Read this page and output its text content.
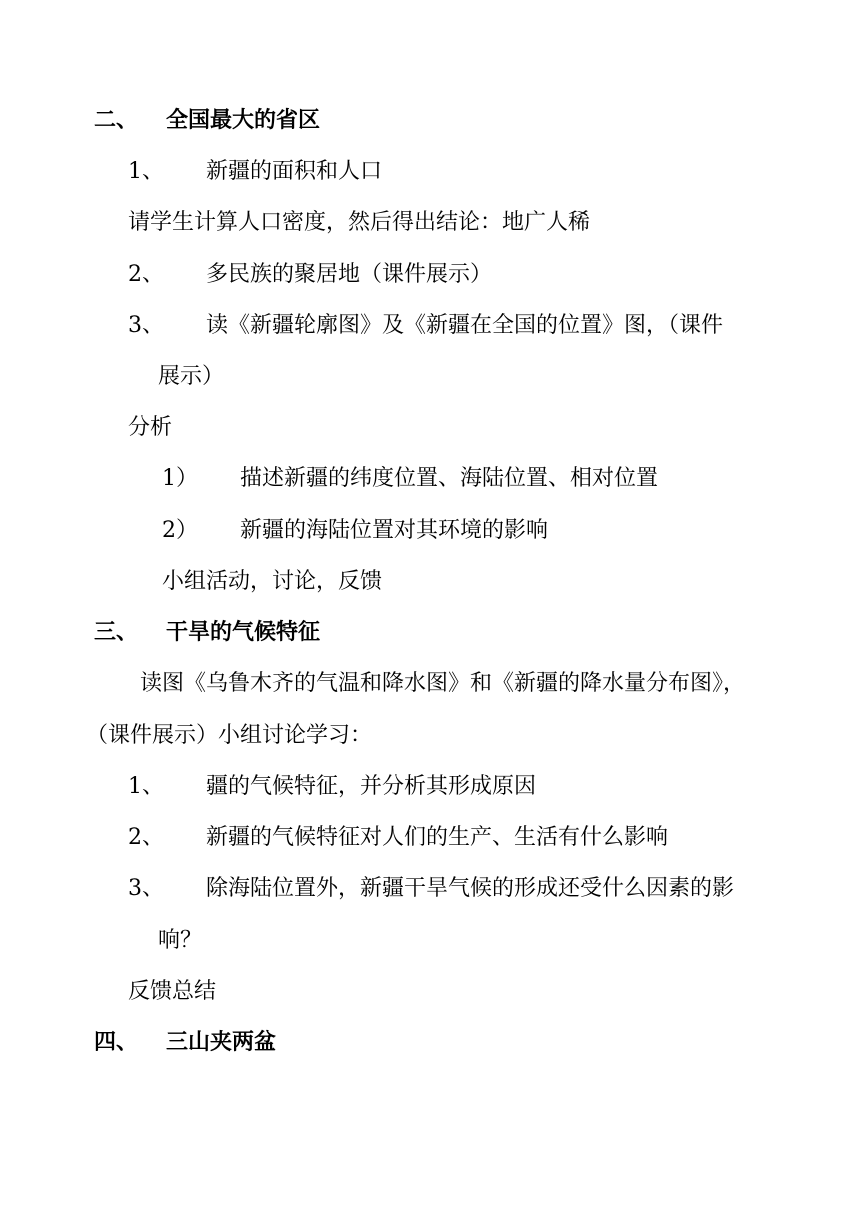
二、 全国最大的省区
1、 新疆的面积和人口
请学生计算人口密度，然后得出结论：地广人稀
2、 多民族的聚居地（课件展示）
3、 读《新疆轮廓图》及《新疆在全国的位置》图，（课件
展示）
分析
1） 描述新疆的纬度位置、海陆位置、相对位置
2） 新疆的海陆位置对其环境的影响
小组活动，讨论，反馈
三、 干旱的气候特征
读图《乌鲁木齐的气温和降水图》和《新疆的降水量分布图》，
（课件展示）小组讨论学习：
1、 疆的气候特征，并分析其形成原因
2、 新疆的气候特征对人们的生产、生活有什么影响
3、 除海陆位置外，新疆干旱气候的形成还受什么因素的影
响？
反馈总结
四、 三山夹两盆
